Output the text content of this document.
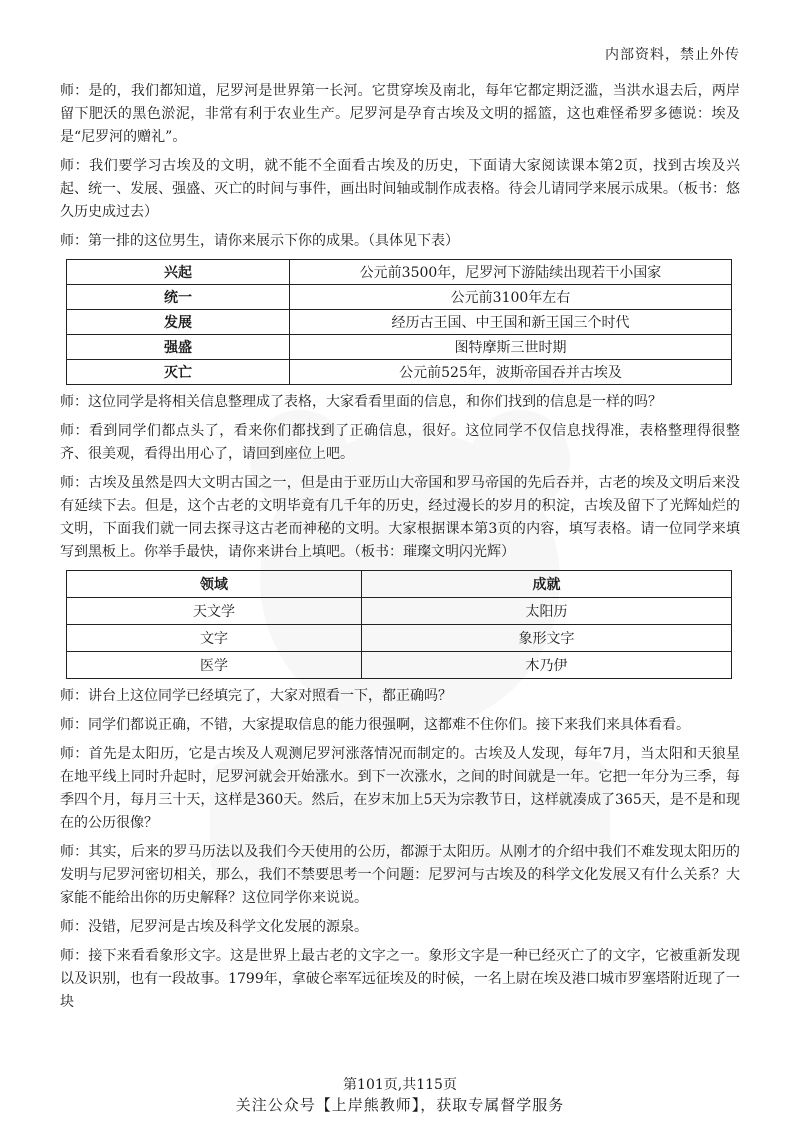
内部资料，禁止外传

师：是的，我们都知道，尼罗河是世界第一长河。它贯穿埃及南北，每年它都定期泛滥，当洪水退去后，两岸留下肥沃的黑色淤泥，非常有利于农业生产。尼罗河是孕育古埃及文明的摇篮，这也难怪希罗多德说：埃及是“尼罗河的赠礼”。

师：我们要学习古埃及的文明，就不能不全面看古埃及的历史，下面请大家阅读课本第2页，找到古埃及兴起、统一、发展、强盛、灭亡的时间与事件，画出时间轴或制作成表格。待会儿请同学来展示成果。（板书：悠久历史成过去）

师：第一排的这位男生，请你来展示下你的成果。（具体见下表）

兴起	公元前3500年，尼罗河下游陆续出现若干小国家
统一	公元前3100年左右
发展	经历古王国、中王国和新王国三个时代
强盛	图特摩斯三世时期
灭亡	公元前525年，波斯帝国吞并古埃及

师：这位同学是将相关信息整理成了表格，大家看看里面的信息，和你们找到的信息是一样的吗？

师：看到同学们都点头了，看来你们都找到了正确信息，很好。这位同学不仅信息找得准，表格整理得很整齐、很美观，看得出用心了，请回到座位上吧。

师：古埃及虽然是四大文明古国之一，但是由于亚历山大帝国和罗马帝国的先后吞并，古老的埃及文明后来没有延续下去。但是，这个古老的文明毕竟有几千年的历史，经过漫长的岁月的积淀，古埃及留下了光辉灿烂的文明，下面我们就一同去探寻这古老而神秘的文明。大家根据课本第3页的内容，填写表格。请一位同学来填写到黑板上。你举手最快，请你来讲台上填吧。（板书：璀璨文明闪光辉）

领域	成就
天文学	太阳历
文字	象形文字
医学	木乃伊

师：讲台上这位同学已经填完了，大家对照看一下，都正确吗？

师：同学们都说正确，不错，大家提取信息的能力很强啊，这都难不住你们。接下来我们来具体看看。

师：首先是太阳历，它是古埃及人观测尼罗河涨落情况而制定的。古埃及人发现，每年7月，当太阳和天狼星在地平线上同时升起时，尼罗河就会开始涨水。到下一次涨水，之间的时间就是一年。它把一年分为三季，每季四个月，每月三十天，这样是360天。然后，在岁末加上5天为宗教节日，这样就凑成了365天，是不是和现在的公历很像？

师：其实，后来的罗马历法以及我们今天使用的公历，都源于太阳历。从刚才的介绍中我们不难发现太阳历的发明与尼罗河密切相关，那么，我们不禁要思考一个问题：尼罗河与古埃及的科学文化发展又有什么关系？大家能不能给出你的历史解释？这位同学你来说说。

师：没错，尼罗河是古埃及科学文化发展的源泉。

师：接下来看看象形文字。这是世界上最古老的文字之一。象形文字是一种已经灭亡了的文字，它被重新发现以及识别，也有一段故事。1799年，拿破仑率军远征埃及的时候，一名上尉在埃及港口城市罗塞塔附近现了一块

第101页,共115页
关注公众号【上岸熊教师】，获取专属督学服务
